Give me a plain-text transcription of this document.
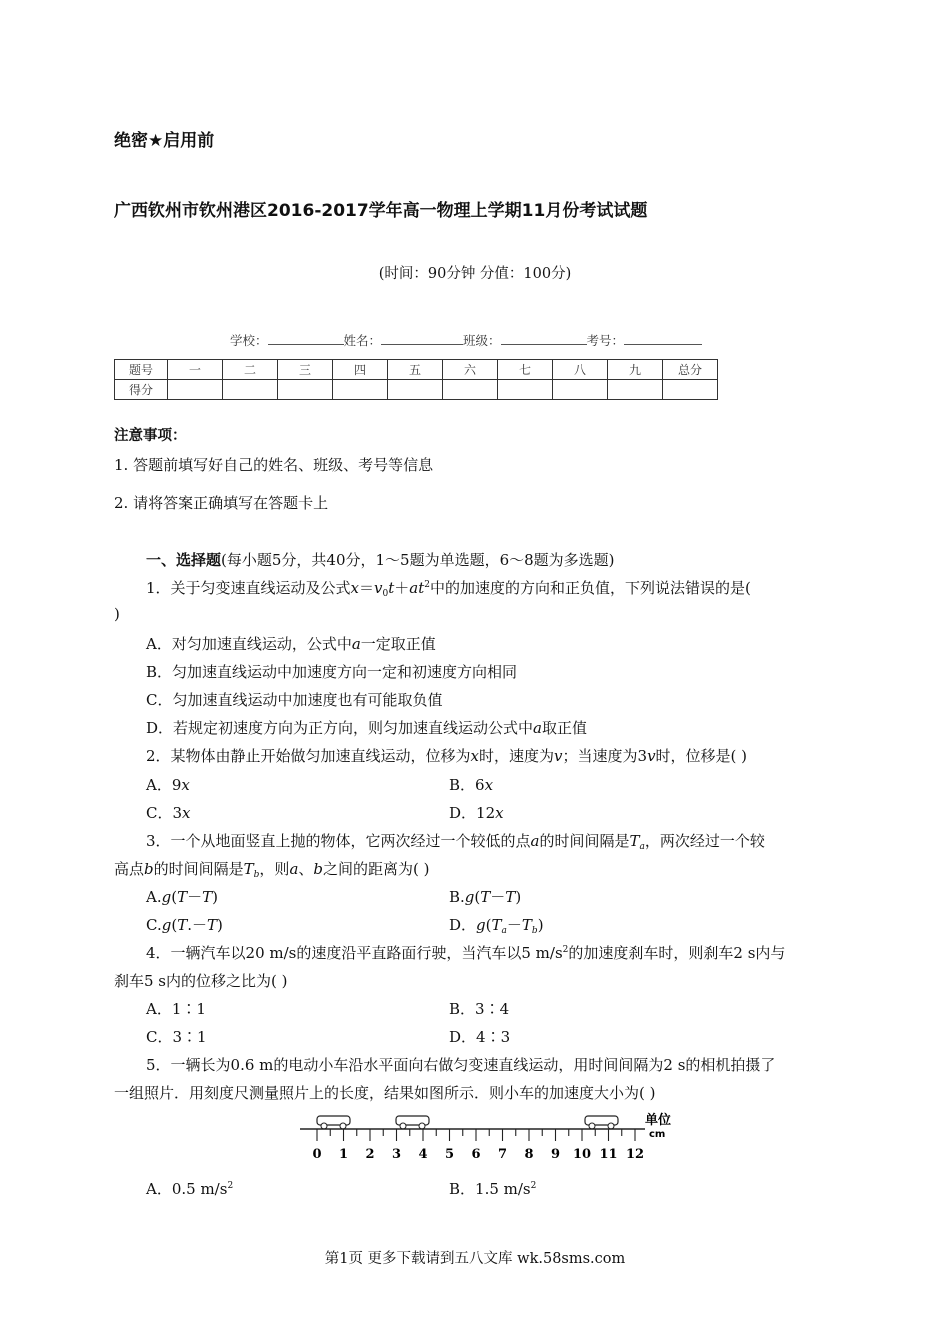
绝密★启用前
广西钦州市钦州港区2016-2017学年高一物理上学期11月份考试试题
(时间：90分钟 分值：100分)
学校：	姓名：	班级：	考号：
题号	一	二	三	四	五	六	七	八	九	总分
得分										
注意事项：
1. 答题前填写好自己的姓名、班级、考号等信息
2. 请将答案正确填写在答题卡上
一、选择题(每小题5分，共40分，1～5题为单选题，6～8题为多选题)
1．关于匀变速直线运动及公式$x=v_0t+at^2$中的加速度的方向和正负值，下列说法错误的是(
)
A．对匀加速直线运动，公式中a一定取正值
B．匀加速直线运动中加速度方向一定和初速度方向相同
C．匀加速直线运动中加速度也有可能取负值
D．若规定初速度方向为正方向，则匀加速直线运动公式中a取正值
2．某物体由静止开始做匀加速直线运动，位移为x时，速度为v；当速度为3v时，位移是( )
A．9x	B．6x
C．3x	D．12x
3．一个从地面竖直上抛的物体，它两次经过一个较低的点a的时间间隔是$T_a$，两次经过一个较
高点b的时间间隔是$T_b$，则a、b之间的距离为( )
A.g(T－T)	B.g(T－T)
C.g(T.－T)	D．$g(T_a-T_b)$
4．一辆汽车以20 m/s的速度沿平直路面行驶，当汽车以5 $m/s^2$的加速度刹车时，则刹车2 s内与
刹车5 s内的位移之比为( )
A．1∶1	B．3∶4
C．3∶1	D．4∶3
5．一辆长为0.6 m的电动小车沿水平面向右做匀变速直线运动，用时间间隔为2 s的相机拍摄了
一组照片．用刻度尺测量照片上的长度，结果如图所示．则小车的加速度大小为( )
0 1 2 3 4 5 6 7 8 9 10 11 12
单位
cm
A．0.5 $m/s^2$	B．1.5 $m/s^2$
第1页 更多下载请到五八文库 wk.58sms.com
